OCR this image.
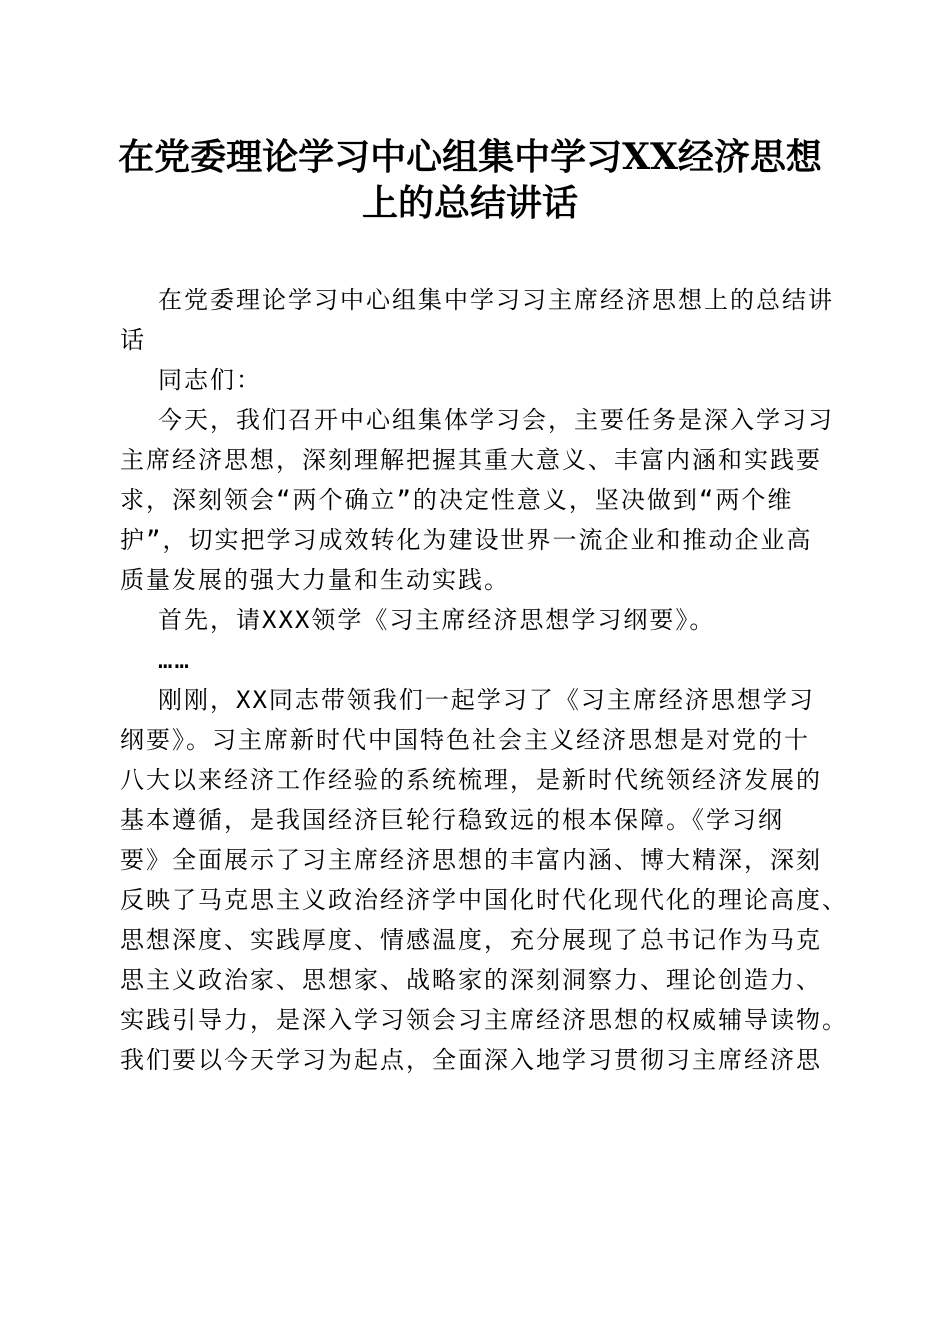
在党委理论学习中心组集中学习XX经济思想
上的总结讲话
在党委理论学习中心组集中学习习主席经济思想上的总结讲
话
同志们：
今天，我们召开中心组集体学习会，主要任务是深入学习习
主席经济思想，深刻理解把握其重大意义、丰富内涵和实践要
求，深刻领会“两个确立”的决定性意义，坚决做到“两个维
护”，切实把学习成效转化为建设世界一流企业和推动企业高
质量发展的强大力量和生动实践。
首先，请XXX领学《习主席经济思想学习纲要》。
……
刚刚，XX同志带领我们一起学习了《习主席经济思想学习
纲要》。习主席新时代中国特色社会主义经济思想是对党的十
八大以来经济工作经验的系统梳理，是新时代统领经济发展的
基本遵循，是我国经济巨轮行稳致远的根本保障。《学习纲
要》全面展示了习主席经济思想的丰富内涵、博大精深，深刻
反映了马克思主义政治经济学中国化时代化现代化的理论高度、
思想深度、实践厚度、情感温度，充分展现了总书记作为马克
思主义政治家、思想家、战略家的深刻洞察力、理论创造力、
实践引导力，是深入学习领会习主席经济思想的权威辅导读物。
我们要以今天学习为起点，全面深入地学习贯彻习主席经济思
